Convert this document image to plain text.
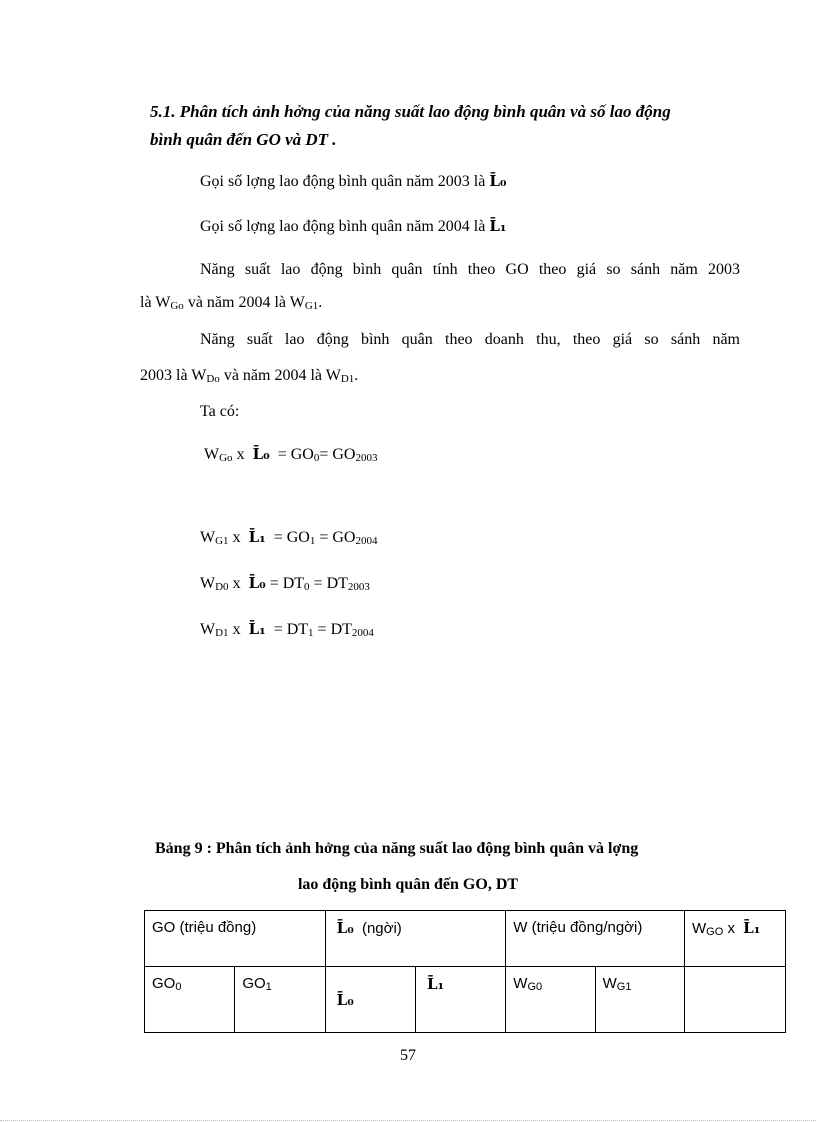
5.1. Phân tích ảnh hởng của năng suất lao động bình quân và số lao động
bình quân đến GO và DT .
Gọi số lợng lao động bình quân năm 2003 là L̄₀
Gọi số lợng lao động bình quân năm 2004 là L̄₁
Năng suất lao động bình quân tính theo GO theo giá so sánh năm 2003
là WGo và năm 2004 là WG1.
Năng suất lao động bình quân theo doanh thu, theo giá so sánh năm
2003 là WDo và năm 2004 là WD1.
Ta có:
WGo x L̄₀ = GO0= GO2003
WG1 x L̄₁ = GO1 = GO2004
WD0 x L̄₀ = DT0 = DT2003
WD1 x L̄₁ = DT1 = DT2004
Bảng 9 : Phân tích ảnh hởng của năng suất lao động bình quân và lợng
lao động bình quân đến GO, DT
GO (triệu đồng)		L̄₀ (ngời)		W (triệu đồng/ngời)		WGO x L̄₁
GO0	GO1	L̄₀	L̄₁	WG0	WG1	
57
